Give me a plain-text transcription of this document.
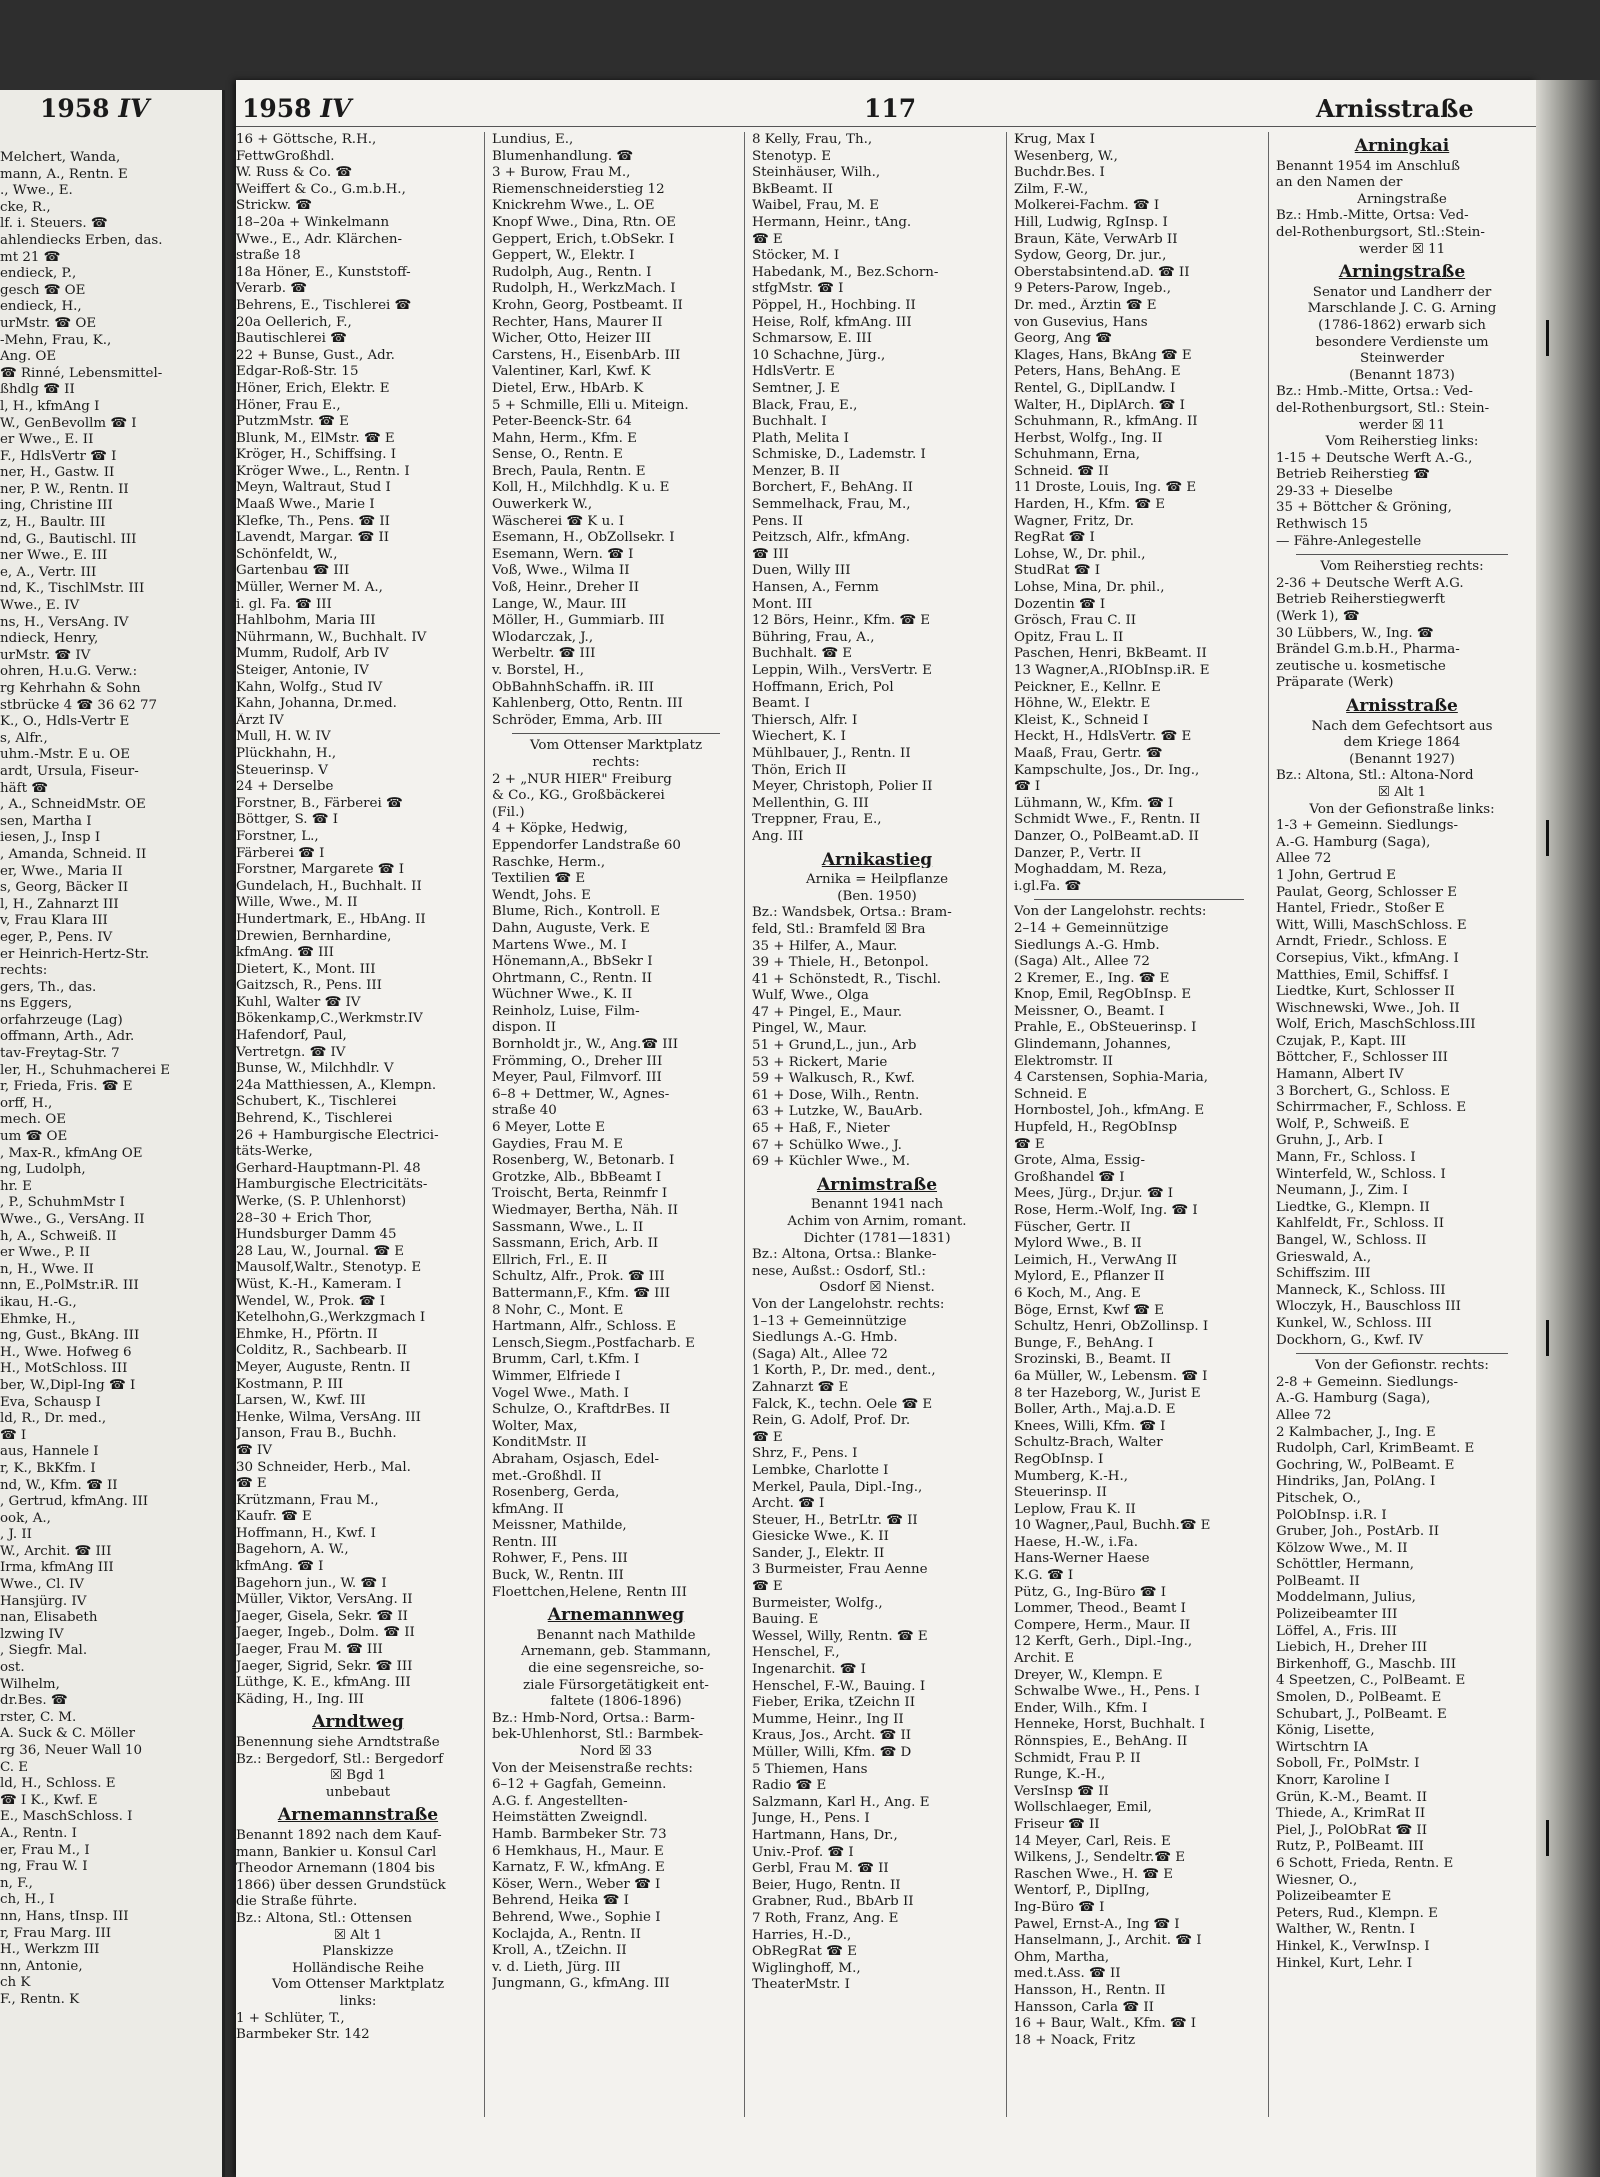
1958 IV
Melchert, Wanda,
mann, A., Rentn. E
., Wwe., E.
cke, R.,
lf. i. Steuers. ☎
ahlendiecks Erben, das.
mt 21 ☎
endieck, P.,
gesch ☎ OE
endieck, H.,
urMstr. ☎ OE
-Mehn, Frau, K.,
Ang. OE
☎ Rinné, Lebensmittel-
ßhdlg ☎ II
l, H., kfmAng I
W., GenBevollm ☎ I
er Wwe., E. II
F., HdlsVertr ☎ I
ner, H., Gastw. II
ner, P. W., Rentn. II
ing, Christine III
z, H., Baultr. III
nd, G., Bautischl. III
ner Wwe., E. III
e, A., Vertr. III
nd, K., TischlMstr. III
Wwe., E. IV
ns, H., VersAng. IV
ndieck, Henry,
urMstr. ☎ IV
ohren, H.u.G. Verw.:
rg Kehrhahn & Sohn
stbrücke 4 ☎ 36 62 77
K., O., Hdls-Vertr E
s, Alfr.,
uhm.-Mstr. E u. OE
ardt, Ursula, Fiseur-
häft ☎
, A., SchneidMstr. OE
sen, Martha I
iesen, J., Insp I
, Amanda, Schneid. II
er, Wwe., Maria II
s, Georg, Bäcker II
l, H., Zahnarzt III
v, Frau Klara III
eger, P., Pens. IV
er Heinrich-Hertz-Str.
rechts:
gers, Th., das.
ns Eggers,
orfahrzeuge (Lag)
offmann, Arth., Adr.
tav-Freytag-Str. 7
ler, H., Schuhmacherei E
r, Frieda, Fris. ☎ E
orff, H.,
mech. OE
um ☎ OE
, Max-R., kfmAng OE
ng, Ludolph,
hr. E
, P., SchuhmMstr I
Wwe., G., VersAng. II
h, A., Schweiß. II
er Wwe., P. II
n, H., Wwe. II
nn, E.,PolMstr.iR. III
ikau, H.-G.,
Ehmke, H.,
ng, Gust., BkAng. III
H., Wwe. Hofweg 6
H., MotSchloss. III
ber, W.,Dipl-Ing ☎ I
Eva, Schausp I
ld, R., Dr. med.,
☎ I
aus, Hannele I
r, K., BkKfm. I
nd, W., Kfm. ☎ II
, Gertrud, kfmAng. III
ook, A.,
, J. II
W., Archit. ☎ III
Irma, kfmAng III
Wwe., Cl. IV
Hansjürg. IV
nan, Elisabeth
lzwing IV
, Siegfr. Mal.
ost.
Wilhelm,
dr.Bes. ☎
rster, C. M.
A. Suck & C. Möller
rg 36, Neuer Wall 10
C. E
ld, H., Schloss. E
☎ I K., Kwf. E
E., MaschSchloss. I
A., Rentn. I
er, Frau M., I
ng, Frau W. I
n, F.,
ch, H., I
nn, Hans, tInsp. III
r, Frau Marg. III
H., Werkzm III
nn, Antonie,
ch K
F., Rentn. K
1958 IV	117	Arnisstraße
16 + Göttsche, R.H.,
FettwGroßhdl.
W. Russ & Co. ☎
Weiffert & Co., G.m.b.H.,
Strickw. ☎
18–20a + Winkelmann
Wwe., E., Adr. Klärchen-
straße 18
18a Höner, E., Kunststoff-
Verarb. ☎
Behrens, E., Tischlerei ☎
20a Oellerich, F.,
Bautischlerei ☎
22 + Bunse, Gust., Adr.
Edgar-Roß-Str. 15
Höner, Erich, Elektr. E
Höner, Frau E.,
PutzmMstr. ☎ E
Blunk, M., ElMstr. ☎ E
Kröger, H., Schiffsing. I
Kröger Wwe., L., Rentn. I
Meyn, Waltraut, Stud I
Maaß Wwe., Marie I
Klefke, Th., Pens. ☎ II
Lavendt, Margar. ☎ II
Schönfeldt, W.,
Gartenbau ☎ III
Müller, Werner M. A.,
i. gl. Fa. ☎ III
Hahlbohm, Maria III
Nührmann, W., Buchhalt. IV
Mumm, Rudolf, Arb IV
Steiger, Antonie, IV
Kahn, Wolfg., Stud IV
Kahn, Johanna, Dr.med.
Ärzt IV
Mull, H. W. IV
Plückhahn, H.,
Steuerinsp. V
24 + Derselbe
Forstner, B., Färberei ☎
Böttger, S. ☎ I
Forstner, L.,
Färberei ☎ I
Forstner, Margarete ☎ I
Gundelach, H., Buchhalt. II
Wille, Wwe., M. II
Hundertmark, E., HbAng. II
Drewien, Bernhardine,
kfmAng. ☎ III
Dietert, K., Mont. III
Gaitzsch, R., Pens. III
Kuhl, Walter ☎ IV
Bökenkamp,C.,Werkmstr.IV
Hafendorf, Paul,
Vertretgn. ☎ IV
Bunse, W., Milchhdlr. V
24a Matthiessen, A., Klempn.
Schubert, K., Tischlerei
Behrend, K., Tischlerei
26 + Hamburgische Electrici-
täts-Werke,
Gerhard-Hauptmann-Pl. 48
Hamburgische Electricitäts-
Werke, (S. P. Uhlenhorst)
28–30 + Erich Thor,
Hundsburger Damm 45
28 Lau, W., Journal. ☎ E
Mausolf,Waltr., Stenotyp. E
Wüst, K.-H., Kameram. I
Wendel, W., Prok. ☎ I
Ketelhohn,G.,Werkzgmach I
Ehmke, H., Pförtn. II
Colditz, R., Sachbearb. II
Meyer, Auguste, Rentn. II
Kostmann, P. III
Larsen, W., Kwf. III
Henke, Wilma, VersAng. III
Janson, Frau B., Buchh.
☎ IV
30 Schneider, Herb., Mal.
☎ E
Krützmann, Frau M.,
Kaufr. ☎ E
Hoffmann, H., Kwf. I
Bagehorn, A. W.,
kfmAng. ☎ I
Bagehorn jun., W. ☎ I
Müller, Viktor, VersAng. II
Jaeger, Gisela, Sekr. ☎ II
Jaeger, Ingeb., Dolm. ☎ II
Jaeger, Frau M. ☎ III
Jaeger, Sigrid, Sekr. ☎ III
Lüthge, K. E., kfmAng. III
Käding, H., Ing. III
Arndtweg
Benennung siehe Arndtstraße
Bz.: Bergedorf, Stl.: Bergedorf
☒ Bgd 1
unbebaut
Arnemannstraße
Benannt 1892 nach dem Kauf-
mann, Bankier u. Konsul Carl
Theodor Arnemann (1804 bis
1866) über dessen Grundstück
die Straße führte.
Bz.: Altona, Stl.: Ottensen
☒ Alt 1
Planskizze
Holländische Reihe
Vom Ottenser Marktplatz
links:
1 + Schlüter, T.,
Barmbeker Str. 142
Lundius, E.,
Blumenhandlung. ☎
3 + Burow, Frau M.,
Riemenschneiderstieg 12
Knickrehm Wwe., L. OE
Knopf Wwe., Dina, Rtn. OE
Geppert, Erich, t.ObSekr. I
Geppert, W., Elektr. I
Rudolph, Aug., Rentn. I
Rudolph, H., WerkzMach. I
Krohn, Georg, Postbeamt. II
Rechter, Hans, Maurer II
Wicher, Otto, Heizer III
Carstens, H., EisenbArb. III
Valentiner, Karl, Kwf. K
Dietel, Erw., HbArb. K
5 + Schmille, Elli u. Miteign.
Peter-Beenck-Str. 64
Mahn, Herm., Kfm. E
Sense, O., Rentn. E
Brech, Paula, Rentn. E
Koll, H., Milchhdlg. K u. E
Ouwerkerk W.,
Wäscherei ☎ K u. I
Esemann, H., ObZollsekr. I
Esemann, Wern. ☎ I
Voß, Wwe., Wilma II
Voß, Heinr., Dreher II
Lange, W., Maur. III
Möller, H., Gummiarb. III
Wlodarczak, J.,
Werbeltr. ☎ III
v. Borstel, H.,
ObBahnhSchaffn. iR. III
Kahlenberg, Otto, Rentn. III
Schröder, Emma, Arb. III
Vom Ottenser Marktplatz
rechts:
2 + „NUR HIER" Freiburg
& Co., KG., Großbäckerei
(Fil.)
4 + Köpke, Hedwig,
Eppendorfer Landstraße 60
Raschke, Herm.,
Textilien ☎ E
Wendt, Johs. E
Blume, Rich., Kontroll. E
Dahn, Auguste, Verk. E
Martens Wwe., M. I
Hönemann,A., BbSekr I
Ohrtmann, C., Rentn. II
Wüchner Wwe., K. II
Reinholz, Luise, Film-
dispon. II
Bornholdt jr., W., Ang.☎ III
Frömming, O., Dreher III
Meyer, Paul, Filmvorf. III
6–8 + Dettmer, W., Agnes-
straße 40
6 Meyer, Lotte E
Gaydies, Frau M. E
Rosenberg, W., Betonarb. I
Grotzke, Alb., BbBeamt I
Troischt, Berta, Reinmfr I
Wiedmayer, Bertha, Näh. II
Sassmann, Wwe., L. II
Sassmann, Erich, Arb. II
Ellrich, Frl., E. II
Schultz, Alfr., Prok. ☎ III
Battermann,F., Kfm. ☎ III
8 Nohr, C., Mont. E
Hartmann, Alfr., Schloss. E
Lensch,Siegm.,Postfacharb. E
Brumm, Carl, t.Kfm. I
Wimmer, Elfriede I
Vogel Wwe., Math. I
Schulze, O., KraftdrBes. II
Wolter, Max,
KonditMstr. II
Abraham, Osjasch, Edel-
met.-Großhdl. II
Rosenberg, Gerda,
kfmAng. II
Meissner, Mathilde,
Rentn. III
Rohwer, F., Pens. III
Buck, W., Rentn. III
Floettchen,Helene, Rentn III
Arnemannweg
Benannt nach Mathilde
Arnemann, geb. Stammann,
die eine segensreiche, so-
ziale Fürsorgetätigkeit ent-
faltete (1806-1896)
Bz.: Hmb-Nord, Ortsa.: Barm-
bek-Uhlenhorst, Stl.: Barmbek-
Nord ☒ 33
Von der Meisenstraße rechts:
6–12 + Gagfah, Gemeinn.
A.G. f. Angestellten-
Heimstätten Zweigndl.
Hamb. Barmbeker Str. 73
6 Hemkhaus, H., Maur. E
Karnatz, F. W., kfmAng. E
Köser, Wern., Weber ☎ I
Behrend, Heika ☎ I
Behrend, Wwe., Sophie I
Koclajda, A., Rentn. II
Kroll, A., tZeichn. II
v. d. Lieth, Jürg. III
Jungmann, G., kfmAng. III
8 Kelly, Frau, Th.,
Stenotyp. E
Steinhäuser, Wilh.,
BkBeamt. II
Waibel, Frau, M. E
Hermann, Heinr., tAng.
☎ E
Stöcker, M. I
Habedank, M., Bez.Schorn-
stfgMstr. ☎ I
Pöppel, H., Hochbing. II
Heise, Rolf, kfmAng. III
Schmarsow, E. III
10 Schachne, Jürg.,
HdlsVertr. E
Semtner, J. E
Black, Frau, E.,
Buchhalt. I
Plath, Melita I
Schmiske, D., Lademstr. I
Menzer, B. II
Borchert, F., BehAng. II
Semmelhack, Frau, M.,
Pens. II
Peitzsch, Alfr., kfmAng.
☎ III
Duen, Willy III
Hansen, A., Fernm
Mont. III
12 Börs, Heinr., Kfm. ☎ E
Bühring, Frau, A.,
Buchhalt. ☎ E
Leppin, Wilh., VersVertr. E
Hoffmann, Erich, Pol
Beamt. I
Thiersch, Alfr. I
Wiechert, K. I
Mühlbauer, J., Rentn. II
Thön, Erich II
Meyer, Christoph, Polier II
Mellenthin, G. III
Treppner, Frau, E.,
Ang. III
Arnikastieg
Arnika = Heilpflanze
(Ben. 1950)
Bz.: Wandsbek, Ortsa.: Bram-
feld, Stl.: Bramfeld ☒ Bra
35 + Hilfer, A., Maur.
39 + Thiele, H., Betonpol.
41 + Schönstedt, R., Tischl.
Wulf, Wwe., Olga
47 + Pingel, E., Maur.
Pingel, W., Maur.
51 + Grund,L., jun., Arb
53 + Rickert, Marie
59 + Walkusch, R., Kwf.
61 + Dose, Wilh., Rentn.
63 + Lutzke, W., BauArb.
65 + Haß, F., Nieter
67 + Schülko Wwe., J.
69 + Küchler Wwe., M.
Arnimstraße
Benannt 1941 nach
Achim von Arnim, romant.
Dichter (1781—1831)
Bz.: Altona, Ortsa.: Blanke-
nese, Außst.: Osdorf, Stl.:
Osdorf ☒ Nienst.
Von der Langelohstr. rechts:
1–13 + Gemeinnützige
Siedlungs A.-G. Hmb.
(Saga) Alt., Allee 72
1 Korth, P., Dr. med., dent.,
Zahnarzt ☎ E
Falck, K., techn. Oele ☎ E
Rein, G. Adolf, Prof. Dr.
☎ E
Shrz, F., Pens. I
Lembke, Charlotte I
Merkel, Paula, Dipl.-Ing.,
Archt. ☎ I
Steuer, H., BetrLtr. ☎ II
Giesicke Wwe., K. II
Sander, J., Elektr. II
3 Burmeister, Frau Aenne
☎ E
Burmeister, Wolfg.,
Bauing. E
Wessel, Willy, Rentn. ☎ E
Henschel, F.,
Ingenarchit. ☎ I
Henschel, F.-W., Bauing. I
Fieber, Erika, tZeichn II
Mumme, Heinr., Ing II
Kraus, Jos., Archt. ☎ II
Müller, Willi, Kfm. ☎ D
5 Thiemen, Hans
Radio ☎ E
Salzmann, Karl H., Ang. E
Junge, H., Pens. I
Hartmann, Hans, Dr.,
Univ.-Prof. ☎ I
Gerbl, Frau M. ☎ II
Beier, Hugo, Rentn. II
Grabner, Rud., BbArb II
7 Roth, Franz, Ang. E
Harries, H.-D.,
ObRegRat ☎ E
Wiglinghoff, M.,
TheaterMstr. I
Krug, Max I
Wesenberg, W.,
Buchdr.Bes. I
Zilm, F.-W.,
Molkerei-Fachm. ☎ I
Hill, Ludwig, RgInsp. I
Braun, Käte, VerwArb II
Sydow, Georg, Dr. jur.,
Oberstabsintend.aD. ☎ II
9 Peters-Parow, Ingeb.,
Dr. med., Ärztin ☎ E
von Gusevius, Hans
Georg, Ang ☎
Klages, Hans, BkAng ☎ E
Peters, Hans, BehAng. E
Rentel, G., DiplLandw. I
Walter, H., DiplArch. ☎ I
Schuhmann, R., kfmAng. II
Herbst, Wolfg., Ing. II
Schuhmann, Erna,
Schneid. ☎ II
11 Droste, Louis, Ing. ☎ E
Harden, H., Kfm. ☎ E
Wagner, Fritz, Dr.
RegRat ☎ I
Lohse, W., Dr. phil.,
StudRat ☎ I
Lohse, Mina, Dr. phil.,
Dozentin ☎ I
Grösch, Frau C. II
Opitz, Frau L. II
Paschen, Henri, BkBeamt. II
13 Wagner,A.,RIObInsp.iR. E
Peickner, E., Kellnr. E
Höhne, W., Elektr. E
Kleist, K., Schneid I
Heckt, H., HdlsVertr. ☎ E
Maaß, Frau, Gertr. ☎
Kampschulte, Jos., Dr. Ing.,
☎ I
Lühmann, W., Kfm. ☎ I
Schmidt Wwe., F., Rentn. II
Danzer, O., PolBeamt.aD. II
Danzer, P., Vertr. II
Moghaddam, M. Reza,
i.gl.Fa. ☎
Von der Langelohstr. rechts:
2–14 + Gemeinnützige
Siedlungs A.-G. Hmb.
(Saga) Alt., Allee 72
2 Kremer, E., Ing. ☎ E
Knop, Emil, RegObInsp. E
Meissner, O., Beamt. I
Prahle, E., ObSteuerinsp. I
Glindemann, Johannes,
Elektromstr. II
4 Carstensen, Sophia-Maria,
Schneid. E
Hornbostel, Joh., kfmAng. E
Hupfeld, H., RegObInsp
☎ E
Grote, Alma, Essig-
Großhandel ☎ I
Mees, Jürg., Dr.jur. ☎ I
Rose, Herm.-Wolf, Ing. ☎ I
Füscher, Gertr. II
Mylord Wwe., B. II
Leimich, H., VerwAng II
Mylord, E., Pflanzer II
6 Koch, M., Ang. E
Böge, Ernst, Kwf ☎ E
Schultz, Henri, ObZollinsp. I
Bunge, F., BehAng. I
Srozinski, B., Beamt. II
6a Müller, W., Lebensm. ☎ I
8 ter Hazeborg, W., Jurist E
Boller, Arth., Maj.a.D. E
Knees, Willi, Kfm. ☎ I
Schultz-Brach, Walter
RegObInsp. I
Mumberg, K.-H.,
Steuerinsp. II
Leplow, Frau K. II
10 Wagner,,Paul, Buchh.☎ E
Haese, H.-W., i.Fa.
Hans-Werner Haese
K.G. ☎ I
Pütz, G., Ing-Büro ☎ I
Lommer, Theod., Beamt I
Compere, Herm., Maur. II
12 Kerft, Gerh., Dipl.-Ing.,
Archit. E
Dreyer, W., Klempn. E
Schwalbe Wwe., H., Pens. I
Ender, Wilh., Kfm. I
Henneke, Horst, Buchhalt. I
Rönnspies, E., BehAng. II
Schmidt, Frau P. II
Runge, K.-H.,
VersInsp ☎ II
Wollschlaeger, Emil,
Friseur ☎ II
14 Meyer, Carl, Reis. E
Wilkens, J., Sendeltr.☎ E
Raschen Wwe., H. ☎ E
Wentorf, P., DiplIng,
Ing-Büro ☎ I
Pawel, Ernst-A., Ing ☎ I
Hanselmann, J., Archit. ☎ I
Ohm, Martha,
med.t.Ass. ☎ II
Hansson, H., Rentn. II
Hansson, Carla ☎ II
16 + Baur, Walt., Kfm. ☎ I
18 + Noack, Fritz
Arningkai
Benannt 1954 im Anschluß
an den Namen der
Arningstraße
Bz.: Hmb.-Mitte, Ortsa: Ved-
del-Rothenburgsort, Stl.:Stein-
werder ☒ 11
Arningstraße
Senator und Landherr der
Marschlande J. C. G. Arning
(1786-1862) erwarb sich
besondere Verdienste um
Steinwerder
(Benannt 1873)
Bz.: Hmb.-Mitte, Ortsa.: Ved-
del-Rothenburgsort, Stl.: Stein-
werder ☒ 11
Vom Reiherstieg links:
1-15 + Deutsche Werft A.-G.,
Betrieb Reiherstieg ☎
29-33 + Dieselbe
35 + Böttcher & Gröning,
Rethwisch 15
— Fähre-Anlegestelle
Vom Reiherstieg rechts:
2-36 + Deutsche Werft A.G.
Betrieb Reiherstiegwerft
(Werk 1), ☎
30 Lübbers, W., Ing. ☎
Brändel G.m.b.H., Pharma-
zeutische u. kosmetische
Präparate (Werk)
Arnisstraße
Nach dem Gefechtsort aus
dem Kriege 1864
(Benannt 1927)
Bz.: Altona, Stl.: Altona-Nord
☒ Alt 1
Von der Gefionstraße links:
1-3 + Gemeinn. Siedlungs-
A.-G. Hamburg (Saga),
Allee 72
1 John, Gertrud E
Paulat, Georg, Schlosser E
Hantel, Friedr., Stoßer E
Witt, Willi, MaschSchloss. E
Arndt, Friedr., Schloss. E
Corsepius, Vikt., kfmAng. I
Matthies, Emil, Schiffsf. I
Liedtke, Kurt, Schlosser II
Wischnewski, Wwe., Joh. II
Wolf, Erich, MaschSchloss.III
Czujak, P., Kapt. III
Böttcher, F., Schlosser III
Hamann, Albert IV
3 Borchert, G., Schloss. E
Schirrmacher, F., Schloss. E
Wolf, P., Schweiß. E
Gruhn, J., Arb. I
Mann, Fr., Schloss. I
Winterfeld, W., Schloss. I
Neumann, J., Zim. I
Liedtke, G., Klempn. II
Kahlfeldt, Fr., Schloss. II
Bangel, W., Schloss. II
Grieswald, A.,
Schiffszim. III
Manneck, K., Schloss. III
Wloczyk, H., Bauschloss III
Kunkel, W., Schloss. III
Dockhorn, G., Kwf. IV
Von der Gefionstr. rechts:
2-8 + Gemeinn. Siedlungs-
A.-G. Hamburg (Saga),
Allee 72
2 Kalmbacher, J., Ing. E
Rudolph, Carl, KrimBeamt. E
Gochring, W., PolBeamt. E
Hindriks, Jan, PolAng. I
Pitschek, O.,
PolObInsp. i.R. I
Gruber, Joh., PostArb. II
Kölzow Wwe., M. II
Schöttler, Hermann,
PolBeamt. II
Moddelmann, Julius,
Polizeibeamter III
Löffel, A., Fris. III
Liebich, H., Dreher III
Birkenhoff, G., Maschb. III
4 Speetzen, C., PolBeamt. E
Smolen, D., PolBeamt. E
Schubart, J., PolBeamt. E
König, Lisette,
Wirtschtrn IA
Soboll, Fr., PolMstr. I
Knorr, Karoline I
Grün, K.-M., Beamt. II
Thiede, A., KrimRat II
Piel, J., PolObRat ☎ II
Rutz, P., PolBeamt. III
6 Schott, Frieda, Rentn. E
Wiesner, O.,
Polizeibeamter E
Peters, Rud., Klempn. E
Walther, W., Rentn. I
Hinkel, K., VerwInsp. I
Hinkel, Kurt, Lehr. I
